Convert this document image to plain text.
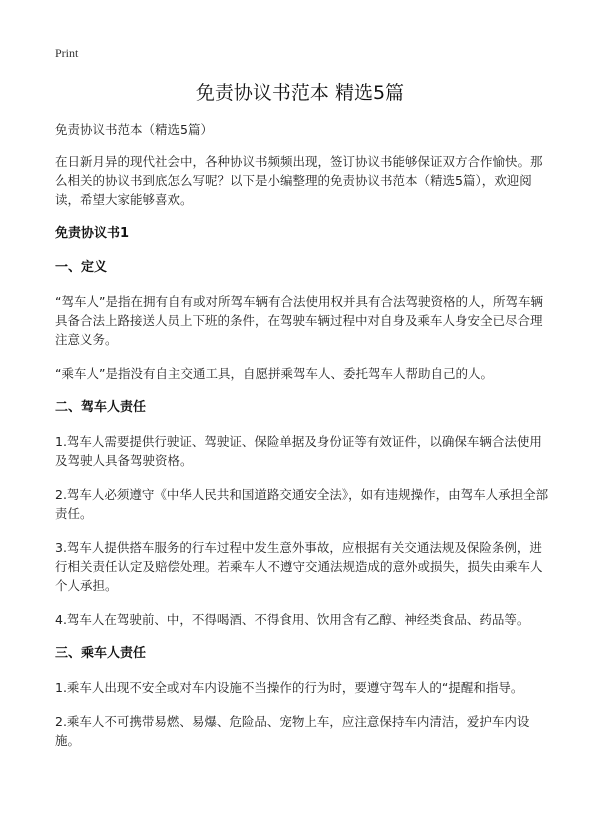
Print
免责协议书范本 精选5篇

免责协议书范本（精选5篇）

在日新月异的现代社会中，各种协议书频频出现，签订协议书能够保证双方合作愉快。那么相关的协议书到底怎么写呢？以下是小编整理的免责协议书范本（精选5篇），欢迎阅读，希望大家能够喜欢。

免责协议书1

一、定义

“驾车人”是指在拥有自有或对所驾车辆有合法使用权并具有合法驾驶资格的人，所驾车辆具备合法上路接送人员上下班的条件，在驾驶车辆过程中对自身及乘车人身安全已尽合理注意义务。

“乘车人”是指没有自主交通工具，自愿拼乘驾车人、委托驾车人帮助自己的人。

二、驾车人责任

1.驾车人需要提供行驶证、驾驶证、保险单据及身份证等有效证件，以确保车辆合法使用及驾驶人具备驾驶资格。

2.驾车人必须遵守《中华人民共和国道路交通安全法》，如有违规操作，由驾车人承担全部责任。

3.驾车人提供搭车服务的行车过程中发生意外事故，应根据有关交通法规及保险条例，进行相关责任认定及赔偿处理。若乘车人不遵守交通法规造成的意外或损失，损失由乘车人个人承担。

4.驾车人在驾驶前、中，不得喝酒、不得食用、饮用含有乙醇、神经类食品、药品等。

三、乘车人责任

1.乘车人出现不安全或对车内设施不当操作的行为时，要遵守驾车人的“提醒和指导。

2.乘车人不可携带易燃、易爆、危险品、宠物上车，应注意保持车内清洁，爱护车内设施。
